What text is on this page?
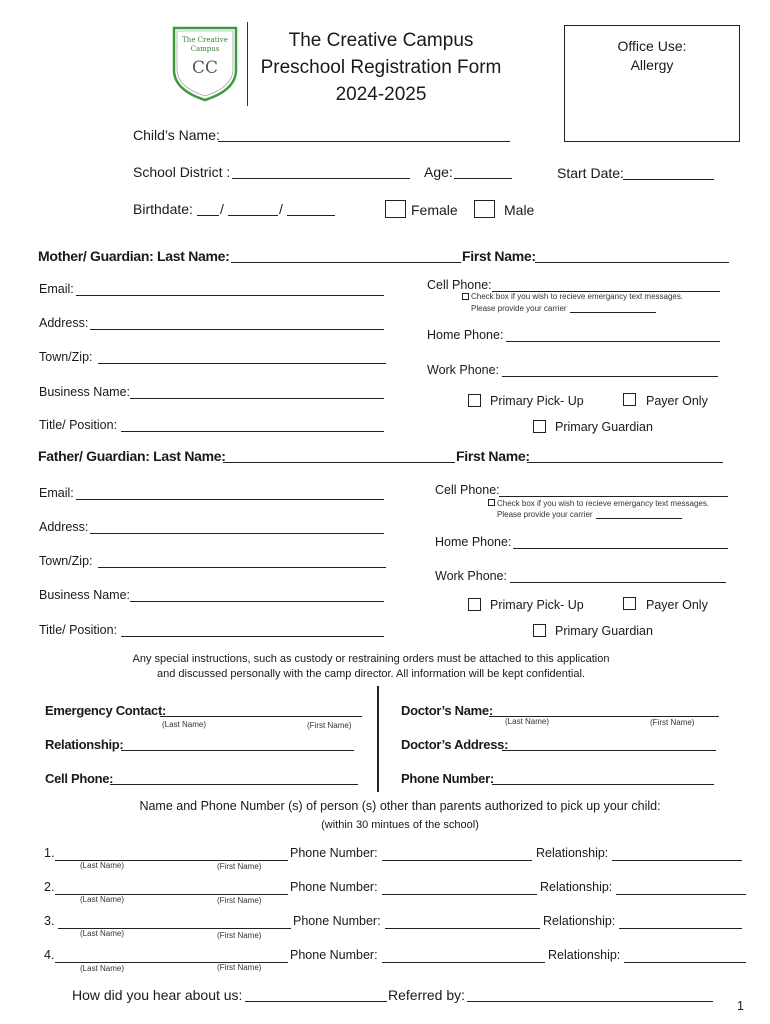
The Creative Campus
CC
The Creative Campus
Preschool Registration Form
2024-2025
Office Use:
Allergy
Child’s Name:
School District :	Age:	Start Date:
Birthdate: /	/	Female	Male
Mother/ Guardian: Last Name:	First Name:
Email:
Address:
Town/Zip:
Business Name:
Title/ Position:
Cell Phone:
Check box if you wish to recieve emergancy text messages.
Please provide your carrier
Home Phone:
Work Phone:
Primary Pick- Up	Payer Only
Primary Guardian
Father/ Guardian: Last Name:	First Name:
Email:
Address:
Town/Zip:
Business Name:
Title/ Position:
Cell Phone:
Check box if you wish to recieve emergancy text messages.
Please provide your carrier
Home Phone:
Work Phone:
Primary Pick- Up	Payer Only
Primary Guardian
Any special instructions, such as custody or restraining orders must be attached to this application
and discussed personally with the camp director. All information will be kept confidential.
Emergency Contact:
(Last Name)	(First Name)
Relationship:
Cell Phone:
Doctor’s Name:
(Last Name)	(First Name)
Doctor’s Address:
Phone Number:
Name and Phone Number (s) of person (s) other than parents authorized to pick up your child:
(within 30 mintues of the school)
1.
(Last Name)	(First Name)
Phone Number:	Relationship:
2.
(Last Name)	(First Name)
Phone Number:	Relationship:
3.
(Last Name)	(First Name)
Phone Number:	Relationship:
4.
(Last Name)	(First Name)
Phone Number:	Relationship:
How did you hear about us:	Referred by:
1
